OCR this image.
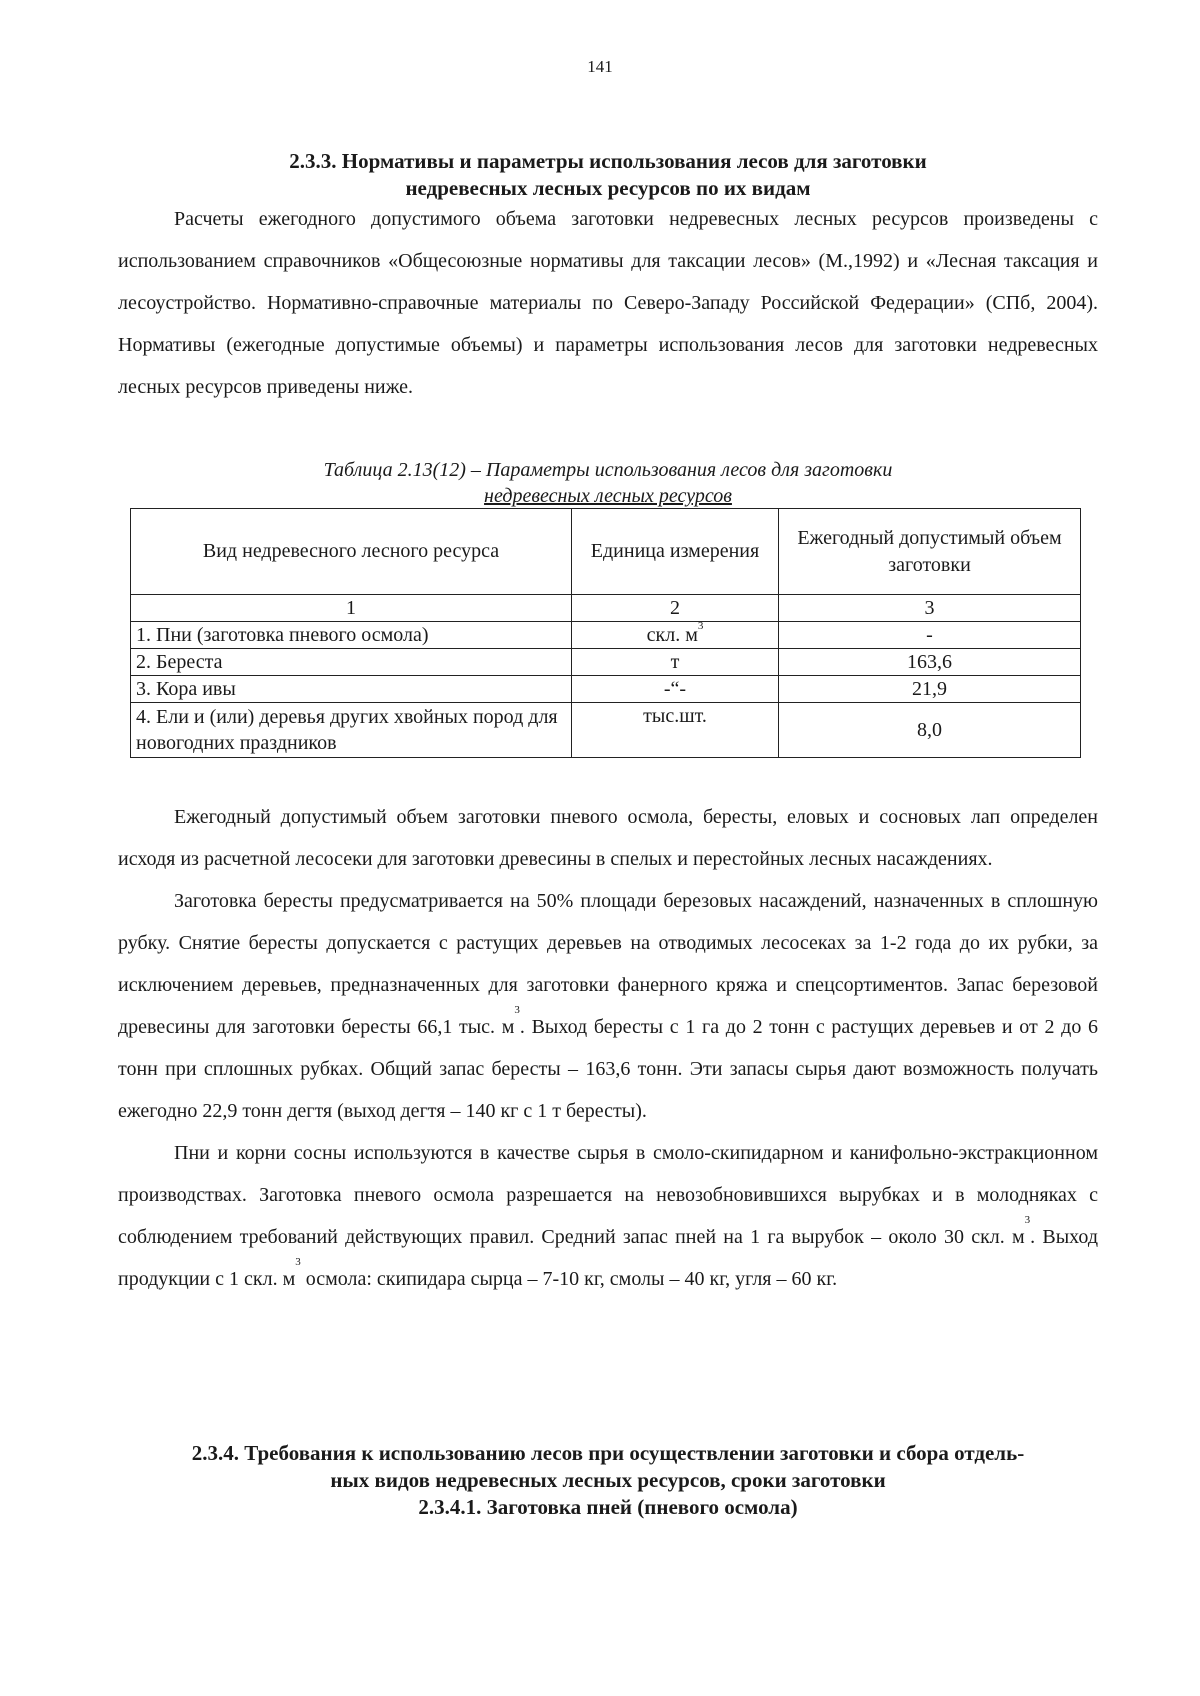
141
2.3.3. Нормативы и параметры использования лесов для заготовки
недревесных лесных ресурсов по их видам

Расчеты ежегодного допустимого объема заготовки недревесных лесных ресурсов произведены с использованием справочников «Общесоюзные нормативы для таксации лесов» (М.,1992) и «Лесная таксация и лесоустройство. Нормативно-справочные материалы по Северо-Западу Российской Федерации» (СПб, 2004). Нормативы (ежегодные допустимые объемы) и параметры использования лесов для заготовки недревесных лесных ресурсов приведены ниже.

Таблица 2.13(12) – Параметры использования лесов для заготовки
недревесных лесных ресурсов
Вид недревесного лесного ресурса	Единица измерения	Ежегодный допустимый объем заготовки
1	2	3
1. Пни (заготовка пневого осмола)	скл. $м^3$	-
2. Береста	т	163,6
3. Кора ивы	-“-	21,9
4. Ели и (или) деревья других хвойных пород для новогодних праздников	тыс.шт.	8,0

Ежегодный допустимый объем заготовки пневого осмола, бересты, еловых и сосновых лап определен исходя из расчетной лесосеки для заготовки древесины в спелых и перестойных лесных насаждениях.

Заготовка бересты предусматривается на 50% площади березовых насаждений, назначенных в сплошную рубку. Снятие бересты допускается с растущих деревьев на отводимых лесосеках за 1-2 года до их рубки, за исключением деревьев, предназначенных для заготовки фанерного кряжа и спецсортиментов. Запас березовой древесины для заготовки бересты 66,1 тыс. $м^3$. Выход бересты с 1 га до 2 тонн с растущих деревьев и от 2 до 6 тонн при сплошных рубках. Общий запас бересты – 163,6 тонн. Эти запасы сырья дают возможность получать ежегодно 22,9 тонн дегтя (выход дегтя – 140 кг с 1 т бересты).

Пни и корни сосны используются в качестве сырья в смоло-скипидарном и канифольно-экстракционном производствах. Заготовка пневого осмола разрешается на невозобновившихся вырубках и в молодняках с соблюдением требований действующих правил. Средний запас пней на 1 га вырубок – около 30 скл. $м^3$. Выход продукции с 1 скл. $м^3$ осмола: скипидара сырца – 7-10 кг, смолы – 40 кг, угля – 60 кг.

2.3.4. Требования к использованию лесов при осуществлении заготовки и сбора отдель-
ных видов недревесных лесных ресурсов, сроки заготовки
2.3.4.1. Заготовка пней (пневого осмола)
